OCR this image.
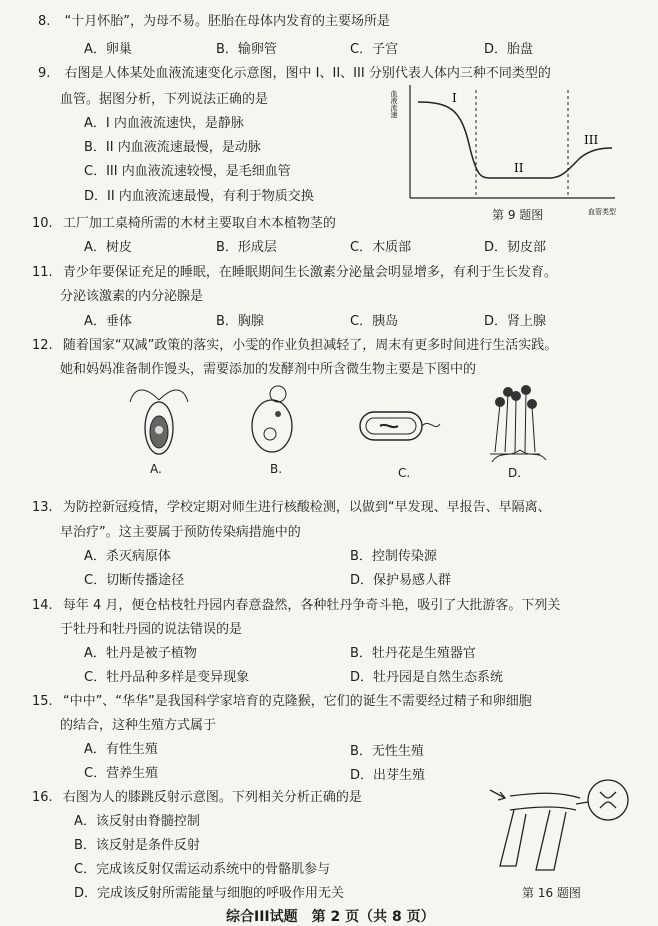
8. “十月怀胎”，为母不易。胚胎在母体内发育的主要场所是
A．卵巢	B．输卵管	C．子宫	D．胎盘
9. 右图是人体某处血液流速变化示意图，图中 I、II、III 分别代表人体内三种不同类型的
血管。据图分析，下列说法正确的是
A．I 内血液流速快，是静脉
B．II 内血液流速最慢，是动脉
C．III 内血液流速较慢，是毛细血管
D．II 内血液流速最慢，有利于物质交换
I
II
III
血液流速
血管类型
第 9 题图
10. 工厂加工桌椅所需的木材主要取自木本植物茎的
A．树皮	B．形成层	C．木质部	D．韧皮部
11. 青少年要保证充足的睡眠，在睡眠期间生长激素分泌量会明显增多，有利于生长发育。
分泌该激素的内分泌腺是
A．垂体	B．胸腺	C．胰岛	D．肾上腺
12. 随着国家“双减”政策的落实，小雯的作业负担减轻了，周末有更多时间进行生活实践。
她和妈妈准备制作馒头，需要添加的发酵剂中所含微生物主要是下图中的
A.	B.	C.	D.
13. 为防控新冠疫情，学校定期对师生进行核酸检测，以做到“早发现、早报告、早隔离、
早治疗”。这主要属于预防传染病措施中的
A．杀灭病原体	B．控制传染源
C．切断传播途径	D．保护易感人群
14. 每年 4 月，便仓枯枝牡丹园内春意盎然，各种牡丹争奇斗艳，吸引了大批游客。下列关
于牡丹和牡丹园的说法错误的是
A．牡丹是被子植物	B．牡丹花是生殖器官
C．牡丹品种多样是变异现象	D．牡丹园是自然生态系统
15. “中中”、“华华”是我国科学家培育的克隆猴，它们的诞生不需要经过精子和卵细胞
的结合，这种生殖方式属于
A．有性生殖	B．无性生殖
C．营养生殖	D．出芽生殖
16. 右图为人的膝跳反射示意图。下列相关分析正确的是
A．该反射由脊髓控制
B．该反射是条件反射
C．完成该反射仅需运动系统中的骨骼肌参与
D．完成该反射所需能量与细胞的呼吸作用无关	第 16 题图
综合III试题　第 2 页（共 8 页）
